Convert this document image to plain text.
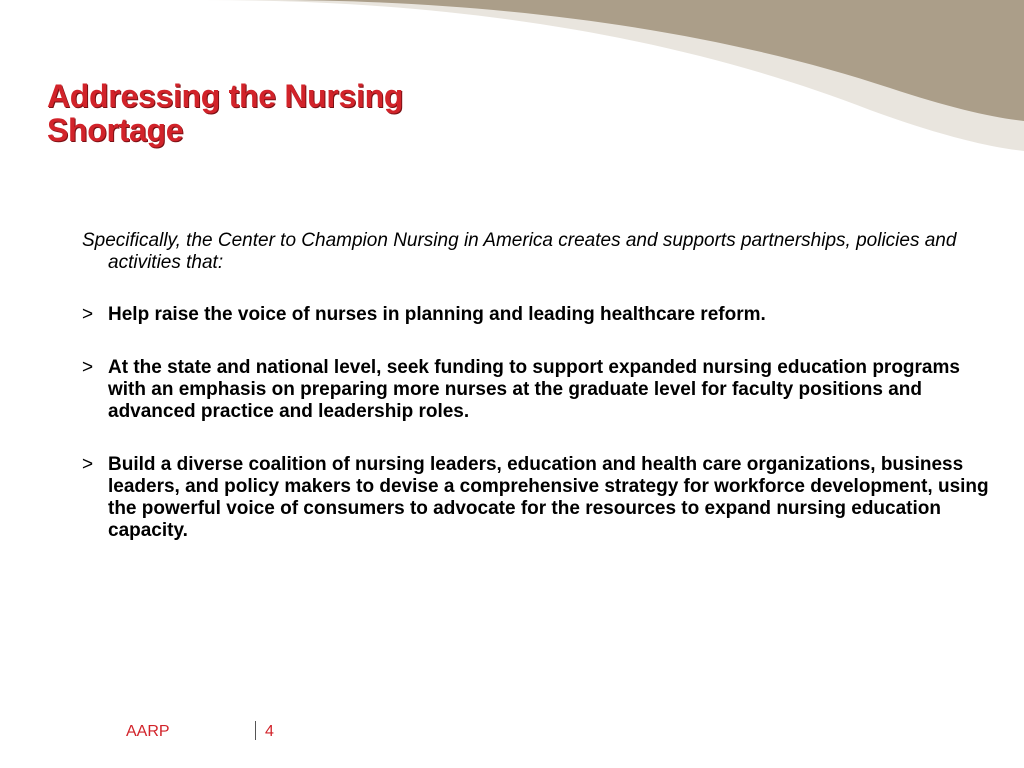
Addressing the Nursing
Shortage

Specifically, the Center to Champion Nursing in America creates and supports partnerships, policies and activities that:

> Help raise the voice of nurses in planning and leading healthcare reform.
> At the state and national level, seek funding to support expanded nursing education programs with an emphasis on preparing more nurses at the graduate level for faculty positions and advanced practice and leadership roles.
> Build a diverse coalition of nursing leaders, education and health care organizations, business leaders, and policy makers to devise a comprehensive strategy for workforce development, using the powerful voice of consumers to advocate for the resources to expand nursing education capacity.
AARP	4
